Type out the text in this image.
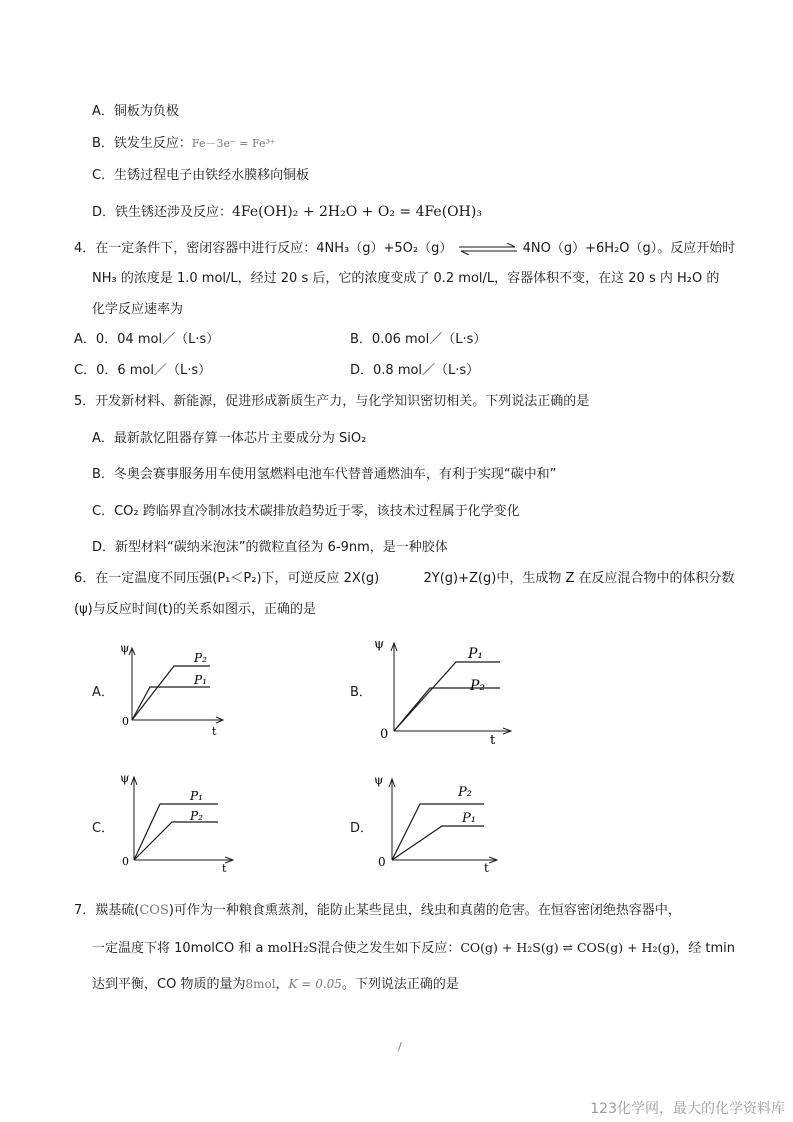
A．铜板为负极
B．铁发生反应：Fe－3e⁻ = Fe³⁺
C．生锈过程电子由铁经水膜移向铜板
D．铁生锈还涉及反应：4Fe(OH)₂ + 2H₂O + O₂ = 4Fe(OH)₃
4．在一定条件下，密闭容器中进行反应：4NH₃（g）+5O₂（g）	4NO（g）+6H₂O（g）。反应开始时
NH₃ 的浓度是 1.0 mol/L，经过 20 s 后，它的浓度变成了 0.2 mol/L，容器体积不变，在这 20 s 内 H₂O 的
化学反应速率为
A．0．04 mol／（L·s）	B．0.06 mol／（L·s）
C．0．6 mol／（L·s）	D．0.8 mol／（L·s）
5．开发新材料、新能源，促进形成新质生产力，与化学知识密切相关。下列说法正确的是
A．最新款忆阻器存算一体芯片主要成分为 SiO₂
B．冬奥会赛事服务用车使用氢燃料电池车代替普通燃油车，有利于实现“碳中和”
C．CO₂ 跨临界直冷制冰技术碳排放趋势近于零，该技术过程属于化学变化
D．新型材料“碳纳米泡沫”的微粒直径为 6-9nm，是一种胶体
6．在一定温度不同压强(P₁＜P₂)下，可逆反应 2X(g)	2Y(g)+Z(g)中，生成物 Z 在反应混合物中的体积分数
(ψ)与反应时间(t)的关系如图示，正确的是
A．	B．
C．	D．
ψ
0
t
P₂
P₁
ψ
0	t
P₁
P₂
ψ
0
t
P₁
P₂
ψ
0	t
P₂
P₁
7．羰基硫(COS)可作为一种粮食熏蒸剂，能防止某些昆虫，线虫和真菌的危害。在恒容密闭绝热容器中，
一定温度下将 10molCO 和 a molH₂S混合使之发生如下反应：CO(g) + H₂S(g) ⇌ COS(g) + H₂(g)，经 tmin
达到平衡，CO 物质的量为8mol，K = 0.05。下列说法正确的是
/
123化学网，最大的化学资料库
